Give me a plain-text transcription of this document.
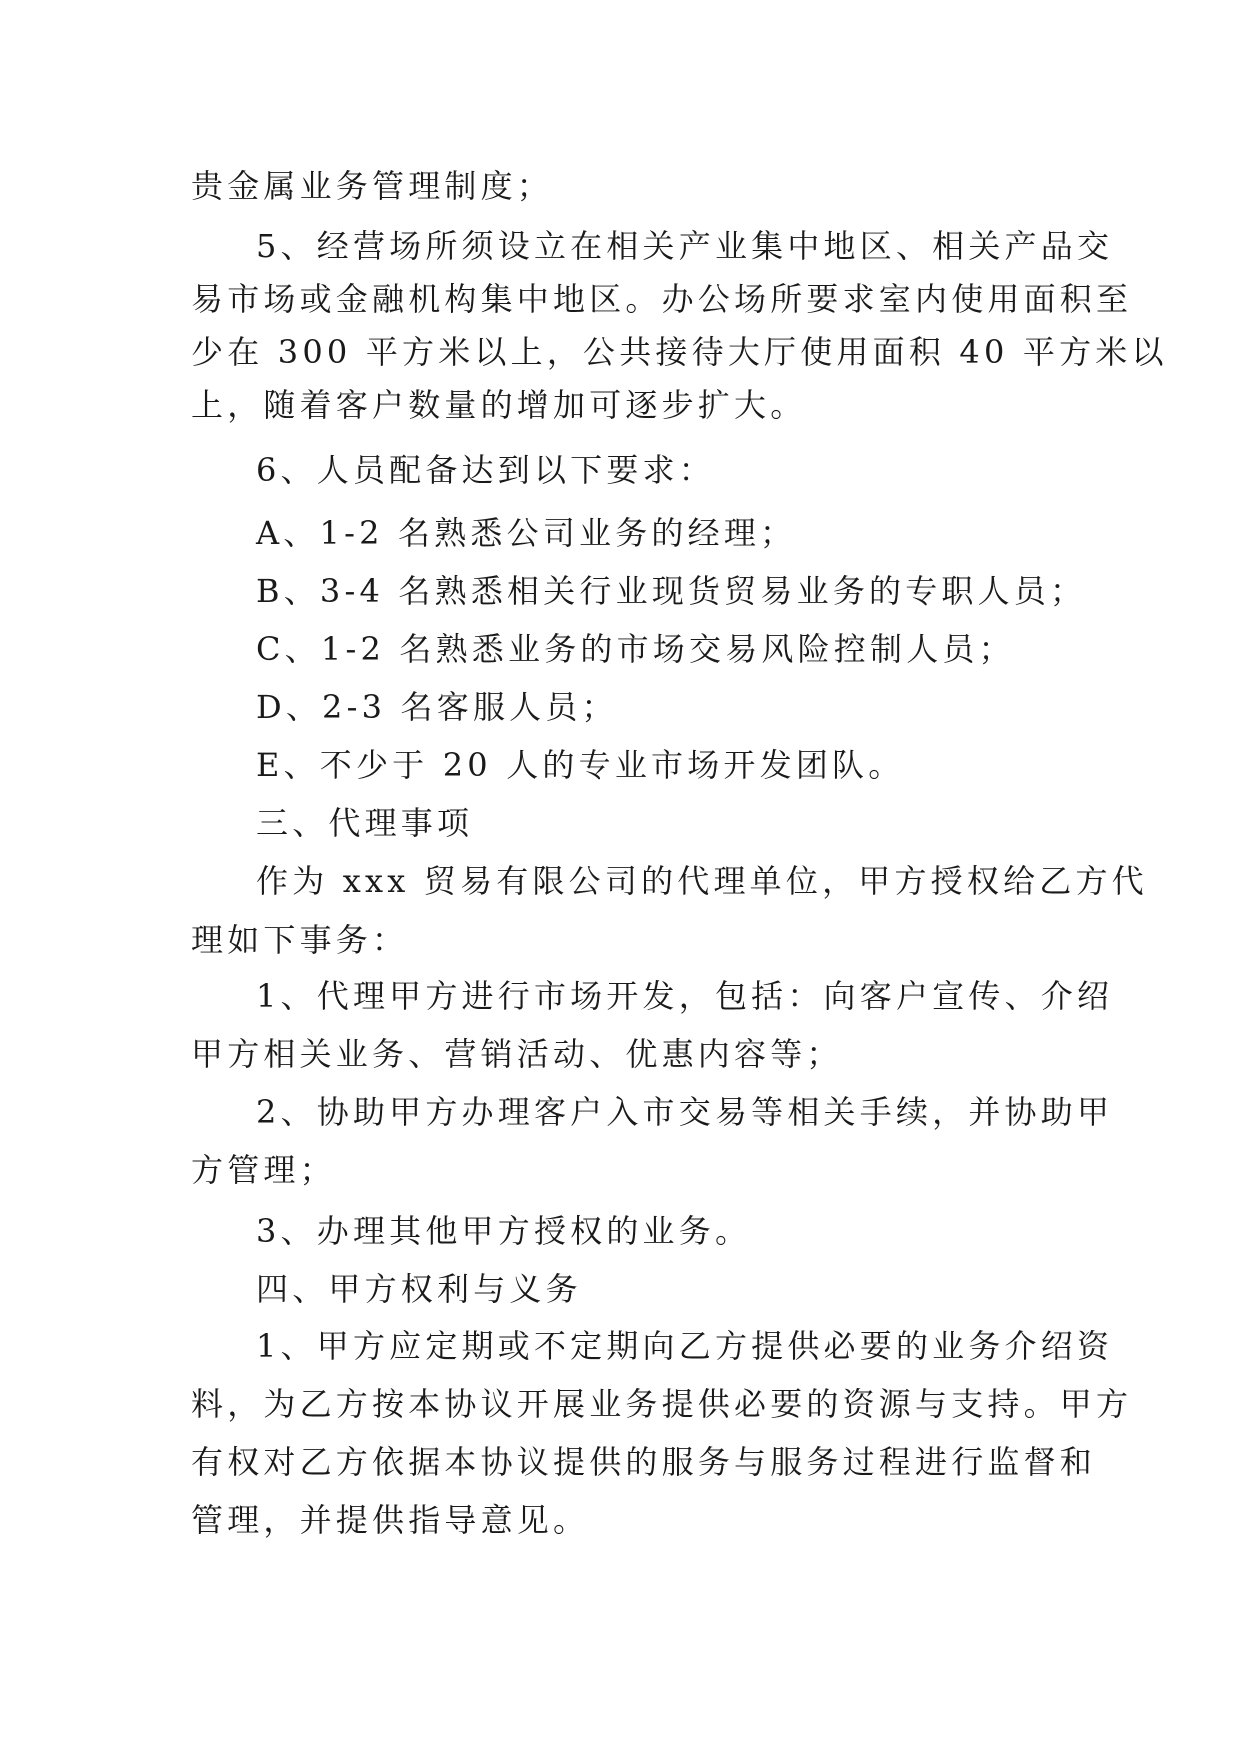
贵金属业务管理制度；
5、经营场所须设立在相关产业集中地区、相关产品交
易市场或金融机构集中地区。办公场所要求室内使用面积至
少在 300 平方米以上，公共接待大厅使用面积 40 平方米以
上，随着客户数量的增加可逐步扩大。
6、人员配备达到以下要求：
A、1-2 名熟悉公司业务的经理；
B、3-4 名熟悉相关行业现货贸易业务的专职人员；
C、1-2 名熟悉业务的市场交易风险控制人员；
D、2-3 名客服人员；
E、不少于 20 人的专业市场开发团队。
三、代理事项
作为 xxx 贸易有限公司的代理单位，甲方授权给乙方代
理如下事务：
1、代理甲方进行市场开发，包括：向客户宣传、介绍
甲方相关业务、营销活动、优惠内容等；
2、协助甲方办理客户入市交易等相关手续，并协助甲
方管理；
3、办理其他甲方授权的业务。
四、甲方权利与义务
1、甲方应定期或不定期向乙方提供必要的业务介绍资
料，为乙方按本协议开展业务提供必要的资源与支持。甲方
有权对乙方依据本协议提供的服务与服务过程进行监督和
管理，并提供指导意见。
